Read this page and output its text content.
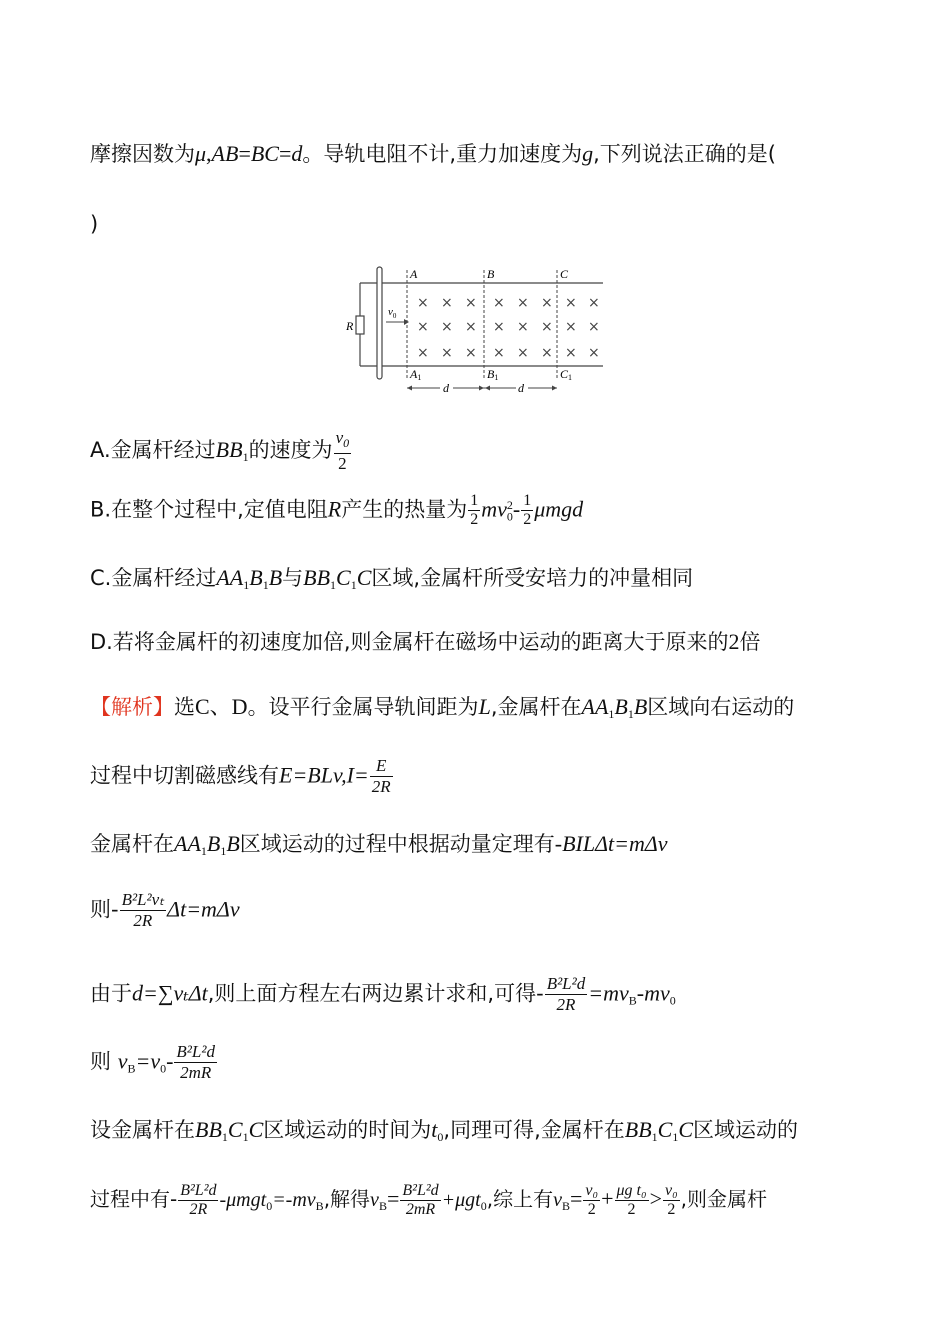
摩擦因数为μ,AB=BC=d。导轨电阻不计,重力加速度为g,下列说法正确的是(
)
R
$v_0$
A	B	C
A1	B1	C1
d	d
× × × × × × × ×
× × × × × × × ×
× × × × × × × ×
A.金属杆经过$BB_1$的速度为 $\frac{v_0}{2}$
B.在整个过程中,定值电阻R产生的热量为 $\frac{1}{2} mv_0^2- \frac{1}{2}$ μmgd
C.金属杆经过$AA_1B_1B$与$BB_1C_1C$区域,金属杆所受安培力的冲量相同
D.若将金属杆的初速度加倍,则金属杆在磁场中运动的距离大于原来的2倍
【解析】选C、D。设平行金属导轨间距为L,金属杆在$AA_1B_1B$区域向右运动的
过程中切割磁感线有$E=BLv,I= \frac{E}{2R}$
金属杆在$AA_1B_1B$区域运动的过程中根据动量定理有-BILΔt=mΔv
则- $\frac{\text{B²L²vₜ}}{2R} \Delta t=m\Delta v$
由于d=∑vₜΔt,则上面方程左右两边累计求和,可得- $\frac{\text{B²L²d}}{2R} =mv_B-mv_0$
则 $v_B=v_0- \frac{\text{B²L²d}}{2mR}$
设金属杆在$BB_1C_1C$区域运动的时间为$t_0$,同理可得,金属杆在$BB_1C_1C$区域运动的
过程中有- $\frac{\text{B²L²d}}{2R} -\mu mgt_0=-mv_B$,解得$v_B= \frac{\text{B²L²d}}{2mR} +\mu gt_0$,综上有$v_B= \frac{\text{v₀}}{2} + \frac{\text{μg t₀}}{2} > \frac{\text{v₀}}{2}$ ,则金属杆
